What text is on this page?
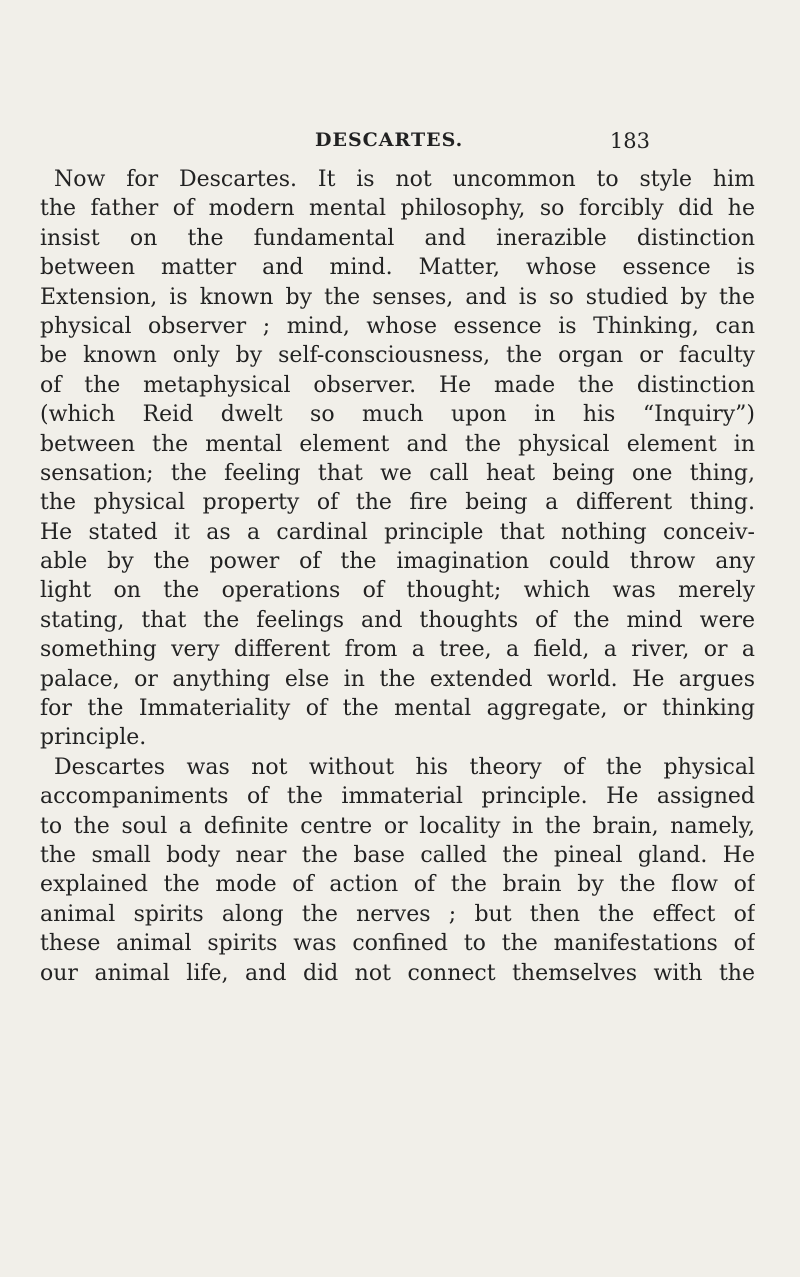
DESCARTES.	183
Now for Descartes. It is not uncommon to style him
the father of modern mental philosophy, so forcibly did he
insist on the fundamental and inerazible distinction
between matter and mind. Matter, whose essence is
Extension, is known by the senses, and is so studied by the
physical observer ; mind, whose essence is Thinking, can
be known only by self-consciousness, the organ or faculty
of the metaphysical observer. He made the distinction
(which Reid dwelt so much upon in his “Inquiry”)
between the mental element and the physical element in
sensation; the feeling that we call heat being one thing,
the physical property of the fire being a different thing.
He stated it as a cardinal principle that nothing conceiv-
able by the power of the imagination could throw any
light on the operations of thought; which was merely
stating, that the feelings and thoughts of the mind were
something very different from a tree, a field, a river, or a
palace, or anything else in the extended world. He argues
for the Immateriality of the mental aggregate, or thinking
principle.
Descartes was not without his theory of the physical
accompaniments of the immaterial principle. He assigned
to the soul a definite centre or locality in the brain, namely,
the small body near the base called the pineal gland. He
explained the mode of action of the brain by the flow of
animal spirits along the nerves ; but then the effect of
these animal spirits was confined to the manifestations of
our animal life, and did not connect themselves with the
